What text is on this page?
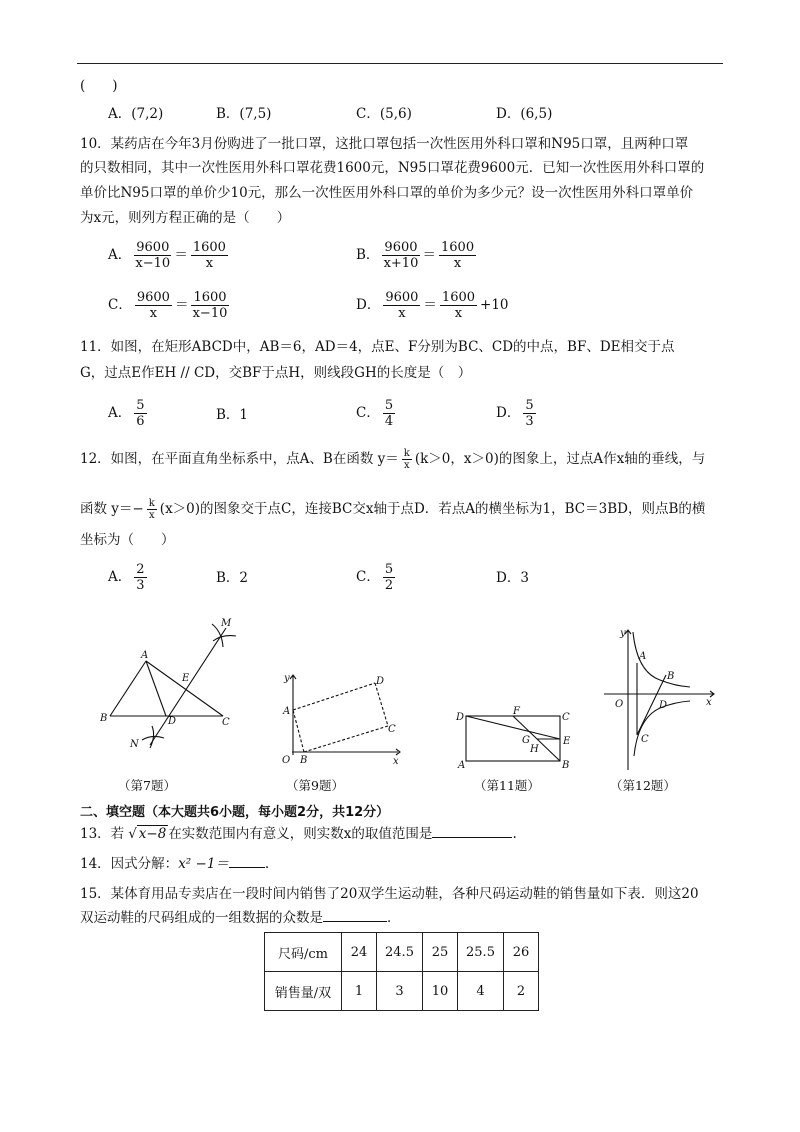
(　　)
A．(7,2)	B．(7,5)	C．(5,6)	D．(6,5)
10．某药店在今年3月份购进了一批口罩，这批口罩包括一次性医用外科口罩和N95口罩，且两种口罩
的只数相同，其中一次性医用外科口罩花费1600元，N95口罩花费9600元．已知一次性医用外科口罩的
单价比N95口罩的单价少10元，那么一次性医用外科口罩的单价为多少元？设一次性医用外科口罩单价
为x元，则列方程正确的是（　　）
A． $\frac{9600}{x-10} = \frac{1600}{x}$	B． $\frac{9600}{x+10} = \frac{1600}{x}$
C． $\frac{9600}{x} = \frac{1600}{x-10}$	D． $\frac{9600}{x} = \frac{1600}{x} +10$
11．如图，在矩形ABCD中，AB＝6，AD＝4，点E、F分别为BC、CD的中点，BF、DE相交于点
G，过点E作EH // CD，交BF于点H，则线段GH的长度是（　）
A． $\frac{5}{6}$	B．1	C． $\frac{5}{4}$	D． $\frac{5}{3}$
12．如图，在平面直角坐标系中，点A、B在函数 $y= \frac{k}{x} (k>0$，x＞0)的图象上，过点A作x轴的垂线，与
函数 $y=- \frac{k}{x} (x>0)$的图象交于点C，连接BC交x轴于点D．若点A的横坐标为1，BC＝3BD，则点B的横
坐标为（　　）
A． $\frac{2}{3}$	B．2	C． $\frac{5}{2}$	D．3
A
B	C
D
E
M
N
y
x
O
A
B
C
D
D	C
A	B
E
F
G
H
y
x
O
A
B
C
D
（第7题）	（第9题）	（第11题）	（第12题）
二、填空题（本大题共6小题，每小题2分，共12分）
13．若 √ x−8 在实数范围内有意义，则实数x的取值范围是	.
14．因式分解：x² −1＝	.
15．某体育用品专卖店在一段时间内销售了20双学生运动鞋，各种尺码运动鞋的销售量如下表．则这20
双运动鞋的尺码组成的一组数据的众数是	．
尺码/cm	24	24.5	25	25.5	26
销售量/双	1	3	10	4	2
